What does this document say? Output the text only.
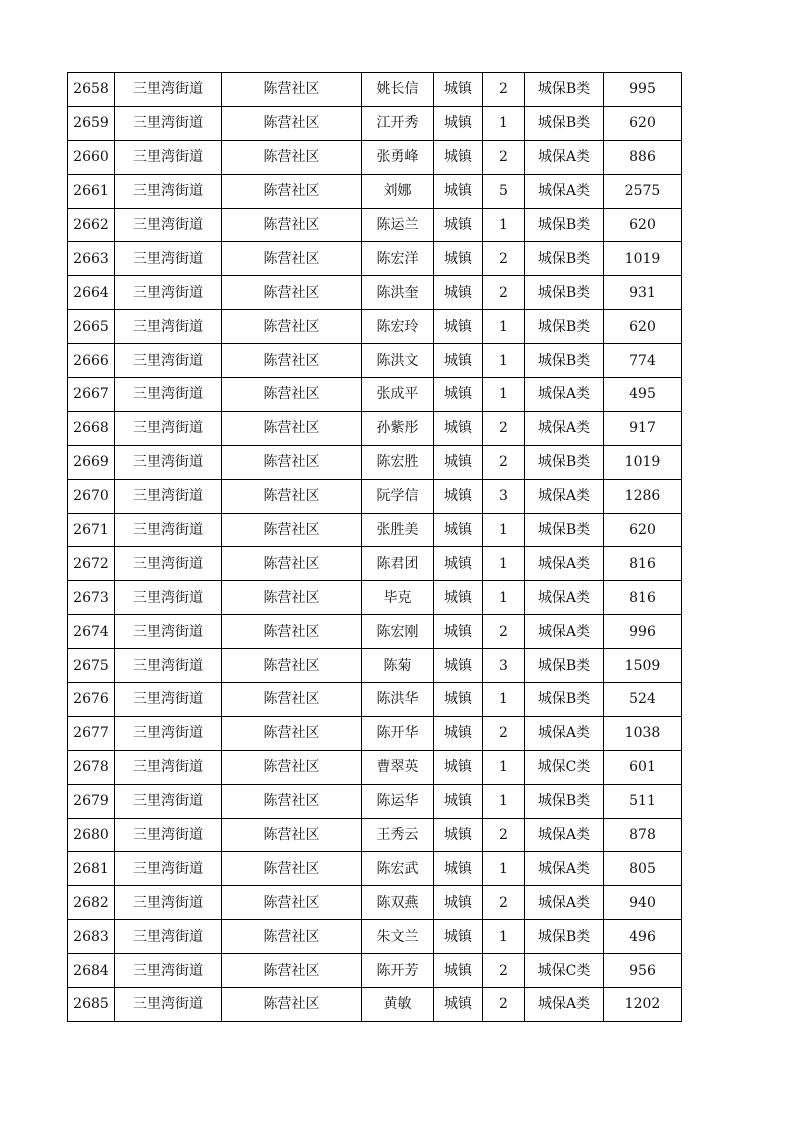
2658	三里湾街道	陈营社区	姚长信	城镇	2	城保B类	995
2659	三里湾街道	陈营社区	江开秀	城镇	1	城保B类	620
2660	三里湾街道	陈营社区	张勇峰	城镇	2	城保A类	886
2661	三里湾街道	陈营社区	刘娜	城镇	5	城保A类	2575
2662	三里湾街道	陈营社区	陈运兰	城镇	1	城保B类	620
2663	三里湾街道	陈营社区	陈宏洋	城镇	2	城保B类	1019
2664	三里湾街道	陈营社区	陈洪奎	城镇	2	城保B类	931
2665	三里湾街道	陈营社区	陈宏玲	城镇	1	城保B类	620
2666	三里湾街道	陈营社区	陈洪文	城镇	1	城保B类	774
2667	三里湾街道	陈营社区	张成平	城镇	1	城保A类	495
2668	三里湾街道	陈营社区	孙紫彤	城镇	2	城保A类	917
2669	三里湾街道	陈营社区	陈宏胜	城镇	2	城保B类	1019
2670	三里湾街道	陈营社区	阮学信	城镇	3	城保A类	1286
2671	三里湾街道	陈营社区	张胜美	城镇	1	城保B类	620
2672	三里湾街道	陈营社区	陈君团	城镇	1	城保A类	816
2673	三里湾街道	陈营社区	毕克	城镇	1	城保A类	816
2674	三里湾街道	陈营社区	陈宏刚	城镇	2	城保A类	996
2675	三里湾街道	陈营社区	陈菊	城镇	3	城保B类	1509
2676	三里湾街道	陈营社区	陈洪华	城镇	1	城保B类	524
2677	三里湾街道	陈营社区	陈开华	城镇	2	城保A类	1038
2678	三里湾街道	陈营社区	曹翠英	城镇	1	城保C类	601
2679	三里湾街道	陈营社区	陈运华	城镇	1	城保B类	511
2680	三里湾街道	陈营社区	王秀云	城镇	2	城保A类	878
2681	三里湾街道	陈营社区	陈宏武	城镇	1	城保A类	805
2682	三里湾街道	陈营社区	陈双燕	城镇	2	城保A类	940
2683	三里湾街道	陈营社区	朱文兰	城镇	1	城保B类	496
2684	三里湾街道	陈营社区	陈开芳	城镇	2	城保C类	956
2685	三里湾街道	陈营社区	黄敏	城镇	2	城保A类	1202
